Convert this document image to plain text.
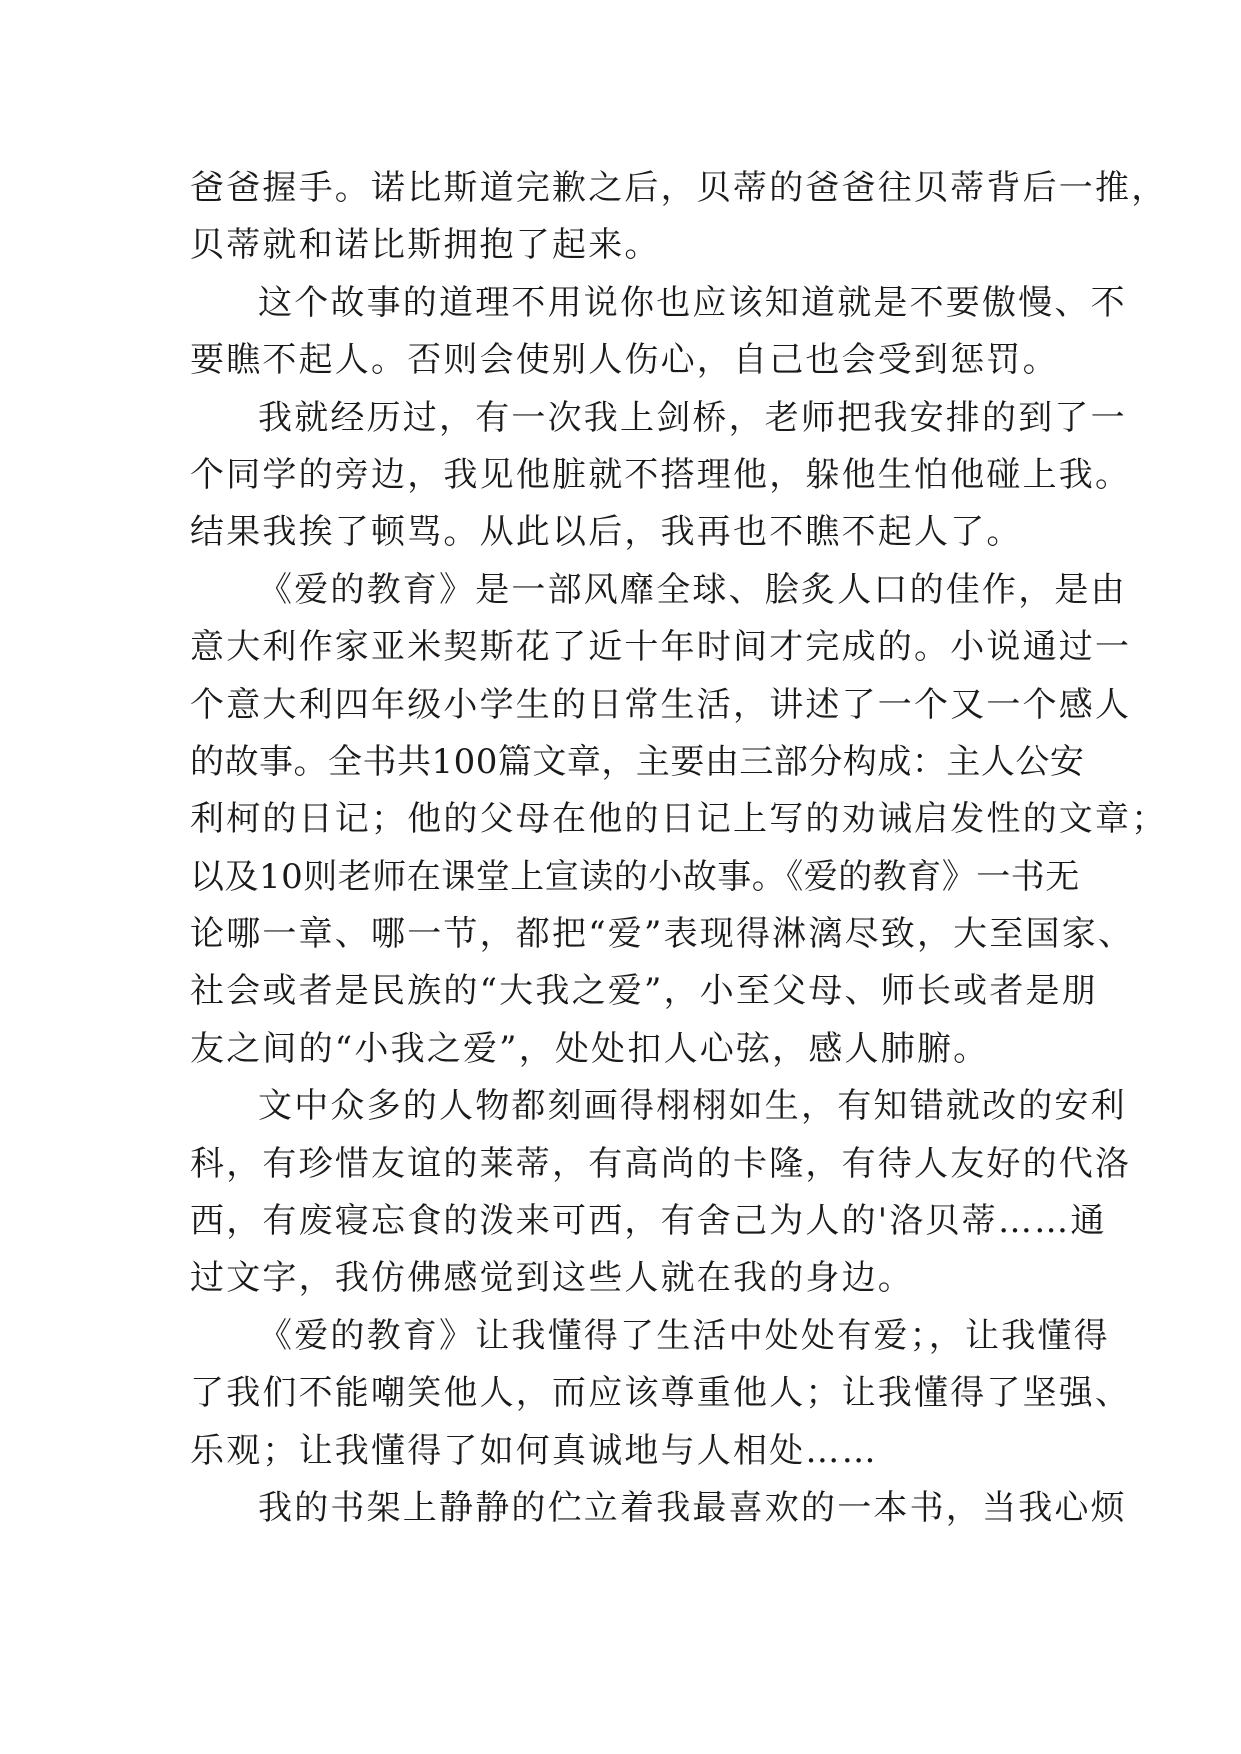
爸爸握手。诺比斯道完歉之后，贝蒂的爸爸往贝蒂背后一推，
贝蒂就和诺比斯拥抱了起来。
这个故事的道理不用说你也应该知道就是不要傲慢、不
要瞧不起人。否则会使别人伤心，自己也会受到惩罚。
我就经历过，有一次我上剑桥，老师把我安排的到了一
个同学的旁边，我见他脏就不搭理他，躲他生怕他碰上我。
结果我挨了顿骂。从此以后，我再也不瞧不起人了。
《爱的教育》是一部风靡全球、脍炙人口的佳作，是由
意大利作家亚米契斯花了近十年时间才完成的。小说通过一
个意大利四年级小学生的日常生活，讲述了一个又一个感人
的故事。全书共100篇文章，主要由三部分构成：主人公安
利柯的日记；他的父母在他的日记上写的劝诫启发性的文章；
以及10则老师在课堂上宣读的小故事。《爱的教育》一书无
论哪一章、哪一节，都把“爱”表现得淋漓尽致，大至国家、
社会或者是民族的“大我之爱”，小至父母、师长或者是朋
友之间的“小我之爱”，处处扣人心弦，感人肺腑。
文中众多的人物都刻画得栩栩如生，有知错就改的安利
科，有珍惜友谊的莱蒂，有高尚的卡隆，有待人友好的代洛
西，有废寝忘食的泼来可西，有舍己为人的'洛贝蒂……通
过文字，我仿佛感觉到这些人就在我的身边。
《爱的教育》让我懂得了生活中处处有爱；，让我懂得
了我们不能嘲笑他人，而应该尊重他人；让我懂得了坚强、
乐观；让我懂得了如何真诚地与人相处……
我的书架上静静的伫立着我最喜欢的一本书，当我心烦
